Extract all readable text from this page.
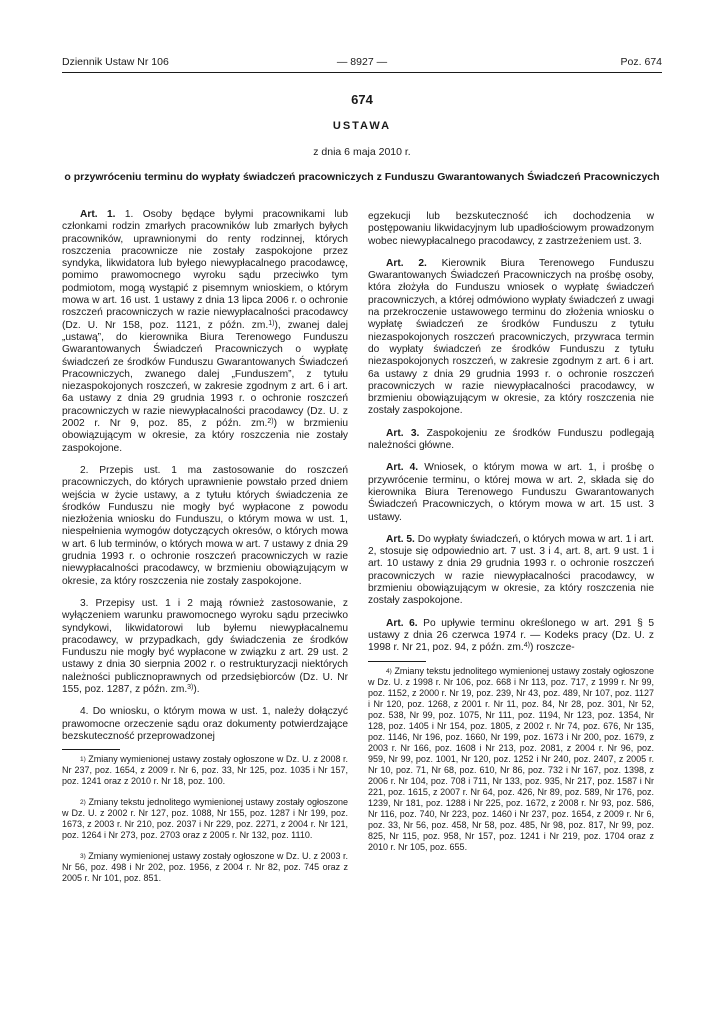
Dziennik Ustaw Nr 106	— 8927 —	Poz. 674
674
USTAWA
z dnia 6 maja 2010 r.
o przywróceniu terminu do wypłaty świadczeń pracowniczych z Funduszu Gwarantowanych Świadczeń Pracowniczych

Art. 1. 1. Osoby będące byłymi pracownikami lub członkami rodzin zmarłych pracowników lub zmarłych byłych pracowników, uprawnionymi do renty rodzinnej, których roszczenia pracownicze nie zostały zaspokojone przez syndyka, likwidatora lub byłego niewypłacalnego pracodawcę, pomimo prawomocnego wyroku sądu przeciwko tym podmiotom, mogą wystąpić z pisemnym wnioskiem, o którym mowa w art. 16 ust. 1 ustawy z dnia 13 lipca 2006 r. o ochronie roszczeń pracowniczych w razie niewypłacalności pracodawcy (Dz. U. Nr 158, poz. 1121, z późn. zm.$^{1)}$), zwanej dalej „ustawą”, do kierownika Biura Terenowego Funduszu Gwarantowanych Świadczeń Pracowniczych o wypłatę świadczeń ze środków Funduszu Gwarantowanych Świadczeń Pracowniczych, zwanego dalej „Funduszem”, z tytułu niezaspokojonych roszczeń, w zakresie zgodnym z art. 6 i art. 6a ustawy z dnia 29 grudnia 1993 r. o ochronie roszczeń pracowniczych w razie niewypłacalności pracodawcy (Dz. U. z 2002 r. Nr 9, poz. 85, z późn. zm.$^{2)}$) w brzmieniu obowiązującym w okresie, za który roszczenia nie zostały zaspokojone.

2. Przepis ust. 1 ma zastosowanie do roszczeń pracowniczych, do których uprawnienie powstało przed dniem wejścia w życie ustawy, a z tytułu których świadczenia ze środków Funduszu nie mogły być wypłacone z powodu niezłożenia wniosku do Funduszu, o którym mowa w ust. 1, niespełnienia wymogów dotyczących okresów, o których mowa w art. 6 lub terminów, o których mowa w art. 7 ustawy z dnia 29 grudnia 1993 r. o ochronie roszczeń pracowniczych w razie niewypłacalności pracodawcy, w brzmieniu obowiązującym w okresie, za który roszczenia nie zostały zaspokojone.

3. Przepisy ust. 1 i 2 mają również zastosowanie, z wyłączeniem warunku prawomocnego wyroku sądu przeciwko syndykowi, likwidatorowi lub byłemu niewypłacalnemu pracodawcy, w przypadkach, gdy świadczenia ze środków Funduszu nie mogły być wypłacone w związku z art. 29 ust. 2 ustawy z dnia 30 sierpnia 2002 r. o restrukturyzacji niektórych należności publicznoprawnych od przedsiębiorców (Dz. U. Nr 155, poz. 1287, z późn. zm.$^{3)}$).

4. Do wniosku, o którym mowa w ust. 1, należy dołączyć prawomocne orzeczenie sądu oraz dokumenty potwierdzające bezskuteczność przeprowadzonej

$^{1)}$ Zmiany wymienionej ustawy zostały ogłoszone w Dz. U. z 2008 r. Nr 237, poz. 1654, z 2009 r. Nr 6, poz. 33, Nr 125, poz. 1035 i Nr 157, poz. 1241 oraz z 2010 r. Nr 18, poz. 100.

$^{2)}$ Zmiany tekstu jednolitego wymienionej ustawy zostały ogłoszone w Dz. U. z 2002 r. Nr 127, poz. 1088, Nr 155, poz. 1287 i Nr 199, poz. 1673, z 2003 r. Nr 210, poz. 2037 i Nr 229, poz. 2271, z 2004 r. Nr 121, poz. 1264 i Nr 273, poz. 2703 oraz z 2005 r. Nr 132, poz. 1110.

$^{3)}$ Zmiany wymienionej ustawy zostały ogłoszone w Dz. U. z 2003 r. Nr 56, poz. 498 i Nr 202, poz. 1956, z 2004 r. Nr 82, poz. 745 oraz z 2005 r. Nr 101, poz. 851.

egzekucji lub bezskuteczność ich dochodzenia w postępowaniu likwidacyjnym lub upadłościowym prowadzonym wobec niewypłacalnego pracodawcy, z zastrzeżeniem ust. 3.

Art. 2. Kierownik Biura Terenowego Funduszu Gwarantowanych Świadczeń Pracowniczych na prośbę osoby, która złożyła do Funduszu wniosek o wypłatę świadczeń pracowniczych, a której odmówiono wypłaty świadczeń z uwagi na przekroczenie ustawowego terminu do złożenia wniosku o wypłatę świadczeń ze środków Funduszu z tytułu niezaspokojonych roszczeń pracowniczych, przywraca termin do wypłaty świadczeń ze środków Funduszu z tytułu niezaspokojonych roszczeń, w zakresie zgodnym z art. 6 i art. 6a ustawy z dnia 29 grudnia 1993 r. o ochronie roszczeń pracowniczych w razie niewypłacalności pracodawcy, w brzmieniu obowiązującym w okresie, za który roszczenia nie zostały zaspokojone.

Art. 3. Zaspokojeniu ze środków Funduszu podlegają należności główne.

Art. 4. Wniosek, o którym mowa w art. 1, i prośbę o przywrócenie terminu, o której mowa w art. 2, składa się do kierownika Biura Terenowego Funduszu Gwarantowanych Świadczeń Pracowniczych, o którym mowa w art. 15 ust. 3 ustawy.

Art. 5. Do wypłaty świadczeń, o których mowa w art. 1 i art. 2, stosuje się odpowiednio art. 7 ust. 3 i 4, art. 8, art. 9 ust. 1 i art. 10 ustawy z dnia 29 grudnia 1993 r. o ochronie roszczeń pracowniczych w razie niewypłacalności pracodawcy, w brzmieniu obowiązującym w okresie, za który roszczenia nie zostały zaspokojone.

Art. 6. Po upływie terminu określonego w art. 291 § 5 ustawy z dnia 26 czerwca 1974 r. — Kodeks pracy (Dz. U. z 1998 r. Nr 21, poz. 94, z późn. zm.$^{4)}$) roszcze-

$^{4)}$ Zmiany tekstu jednolitego wymienionej ustawy zostały ogłoszone w Dz. U. z 1998 r. Nr 106, poz. 668 i Nr 113, poz. 717, z 1999 r. Nr 99, poz. 1152, z 2000 r. Nr 19, poz. 239, Nr 43, poz. 489, Nr 107, poz. 1127 i Nr 120, poz. 1268, z 2001 r. Nr 11, poz. 84, Nr 28, poz. 301, Nr 52, poz. 538, Nr 99, poz. 1075, Nr 111, poz. 1194, Nr 123, poz. 1354, Nr 128, poz. 1405 i Nr 154, poz. 1805, z 2002 r. Nr 74, poz. 676, Nr 135, poz. 1146, Nr 196, poz. 1660, Nr 199, poz. 1673 i Nr 200, poz. 1679, z 2003 r. Nr 166, poz. 1608 i Nr 213, poz. 2081, z 2004 r. Nr 96, poz. 959, Nr 99, poz. 1001, Nr 120, poz. 1252 i Nr 240, poz. 2407, z 2005 r. Nr 10, poz. 71, Nr 68, poz. 610, Nr 86, poz. 732 i Nr 167, poz. 1398, z 2006 r. Nr 104, poz. 708 i 711, Nr 133, poz. 935, Nr 217, poz. 1587 i Nr 221, poz. 1615, z 2007 r. Nr 64, poz. 426, Nr 89, poz. 589, Nr 176, poz. 1239, Nr 181, poz. 1288 i Nr 225, poz. 1672, z 2008 r. Nr 93, poz. 586, Nr 116, poz. 740, Nr 223, poz. 1460 i Nr 237, poz. 1654, z 2009 r. Nr 6, poz. 33, Nr 56, poz. 458, Nr 58, poz. 485, Nr 98, poz. 817, Nr 99, poz. 825, Nr 115, poz. 958, Nr 157, poz. 1241 i Nr 219, poz. 1704 oraz z 2010 r. Nr 105, poz. 655.
